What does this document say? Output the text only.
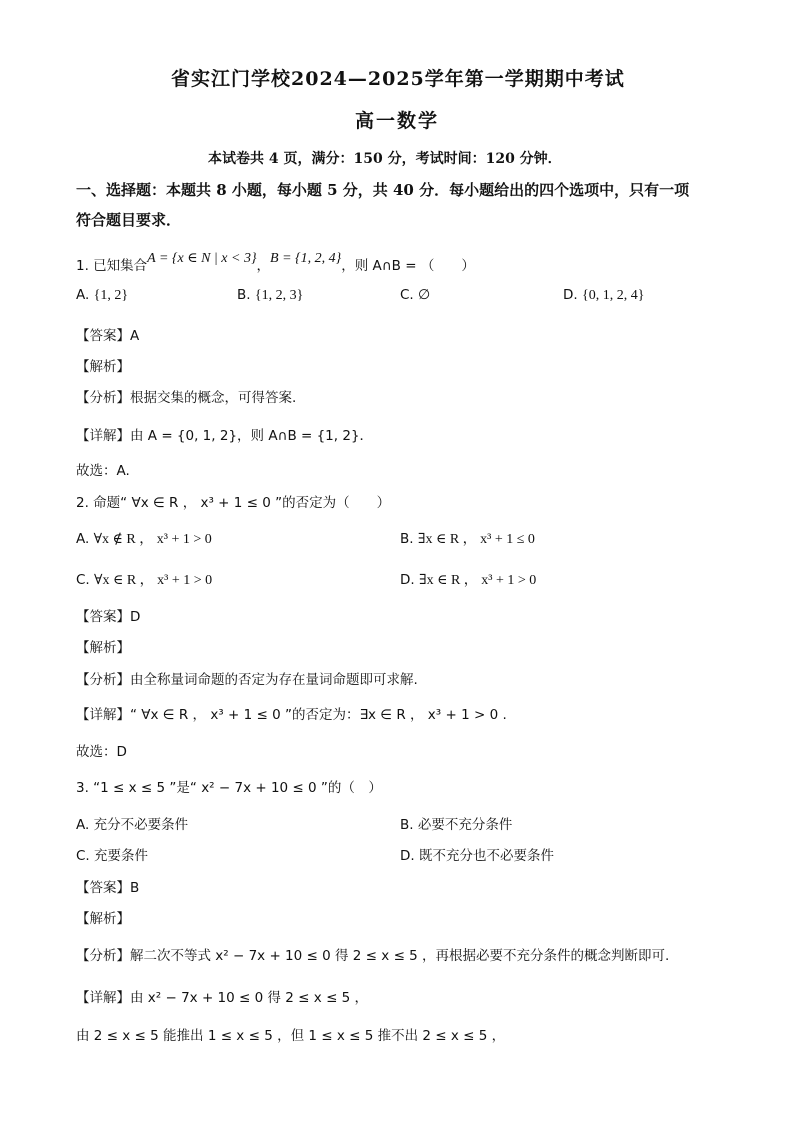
省实江门学校2024—2025学年第一学期期中考试
高一数学
本试卷共 4 页，满分：150 分，考试时间：120 分钟．
一、选择题：本题共 8 小题，每小题 5 分，共 40 分．每小题给出的四个选项中，只有一项
符合题目要求．
1. 已知集合A = {x ∈ N | x < 3}，B = {1, 2, 4}，则 A∩B = （　　）
A. {1, 2}	B. {1, 2, 3}	C. ∅	D. {0, 1, 2, 4}
【答案】A
【解析】
【分析】根据交集的概念，可得答案.
【详解】由 A = {0, 1, 2}，则 A∩B = {1, 2}．
故选：A.
2. 命题“ ∀x ∈ R ， x³ + 1 ≤ 0 ”的否定为（　　）
A. ∀x ∉ R ， x³ + 1 > 0	B. ∃x ∈ R ， x³ + 1 ≤ 0
C. ∀x ∈ R ， x³ + 1 > 0	D. ∃x ∈ R ， x³ + 1 > 0
【答案】D
【解析】
【分析】由全称量词命题的否定为存在量词命题即可求解.
【详解】“ ∀x ∈ R ， x³ + 1 ≤ 0 ”的否定为：∃x ∈ R ， x³ + 1 > 0 .
故选：D
3. “1 ≤ x ≤ 5 ”是“ x² − 7x + 10 ≤ 0 ”的（　）
A. 充分不必要条件	B. 必要不充分条件
C. 充要条件	D. 既不充分也不必要条件
【答案】B
【解析】
【分析】解二次不等式 x² − 7x + 10 ≤ 0 得 2 ≤ x ≤ 5 ，再根据必要不充分条件的概念判断即可.
【详解】由 x² − 7x + 10 ≤ 0 得 2 ≤ x ≤ 5 ，
由 2 ≤ x ≤ 5 能推出 1 ≤ x ≤ 5 ，但 1 ≤ x ≤ 5 推不出 2 ≤ x ≤ 5 ，
